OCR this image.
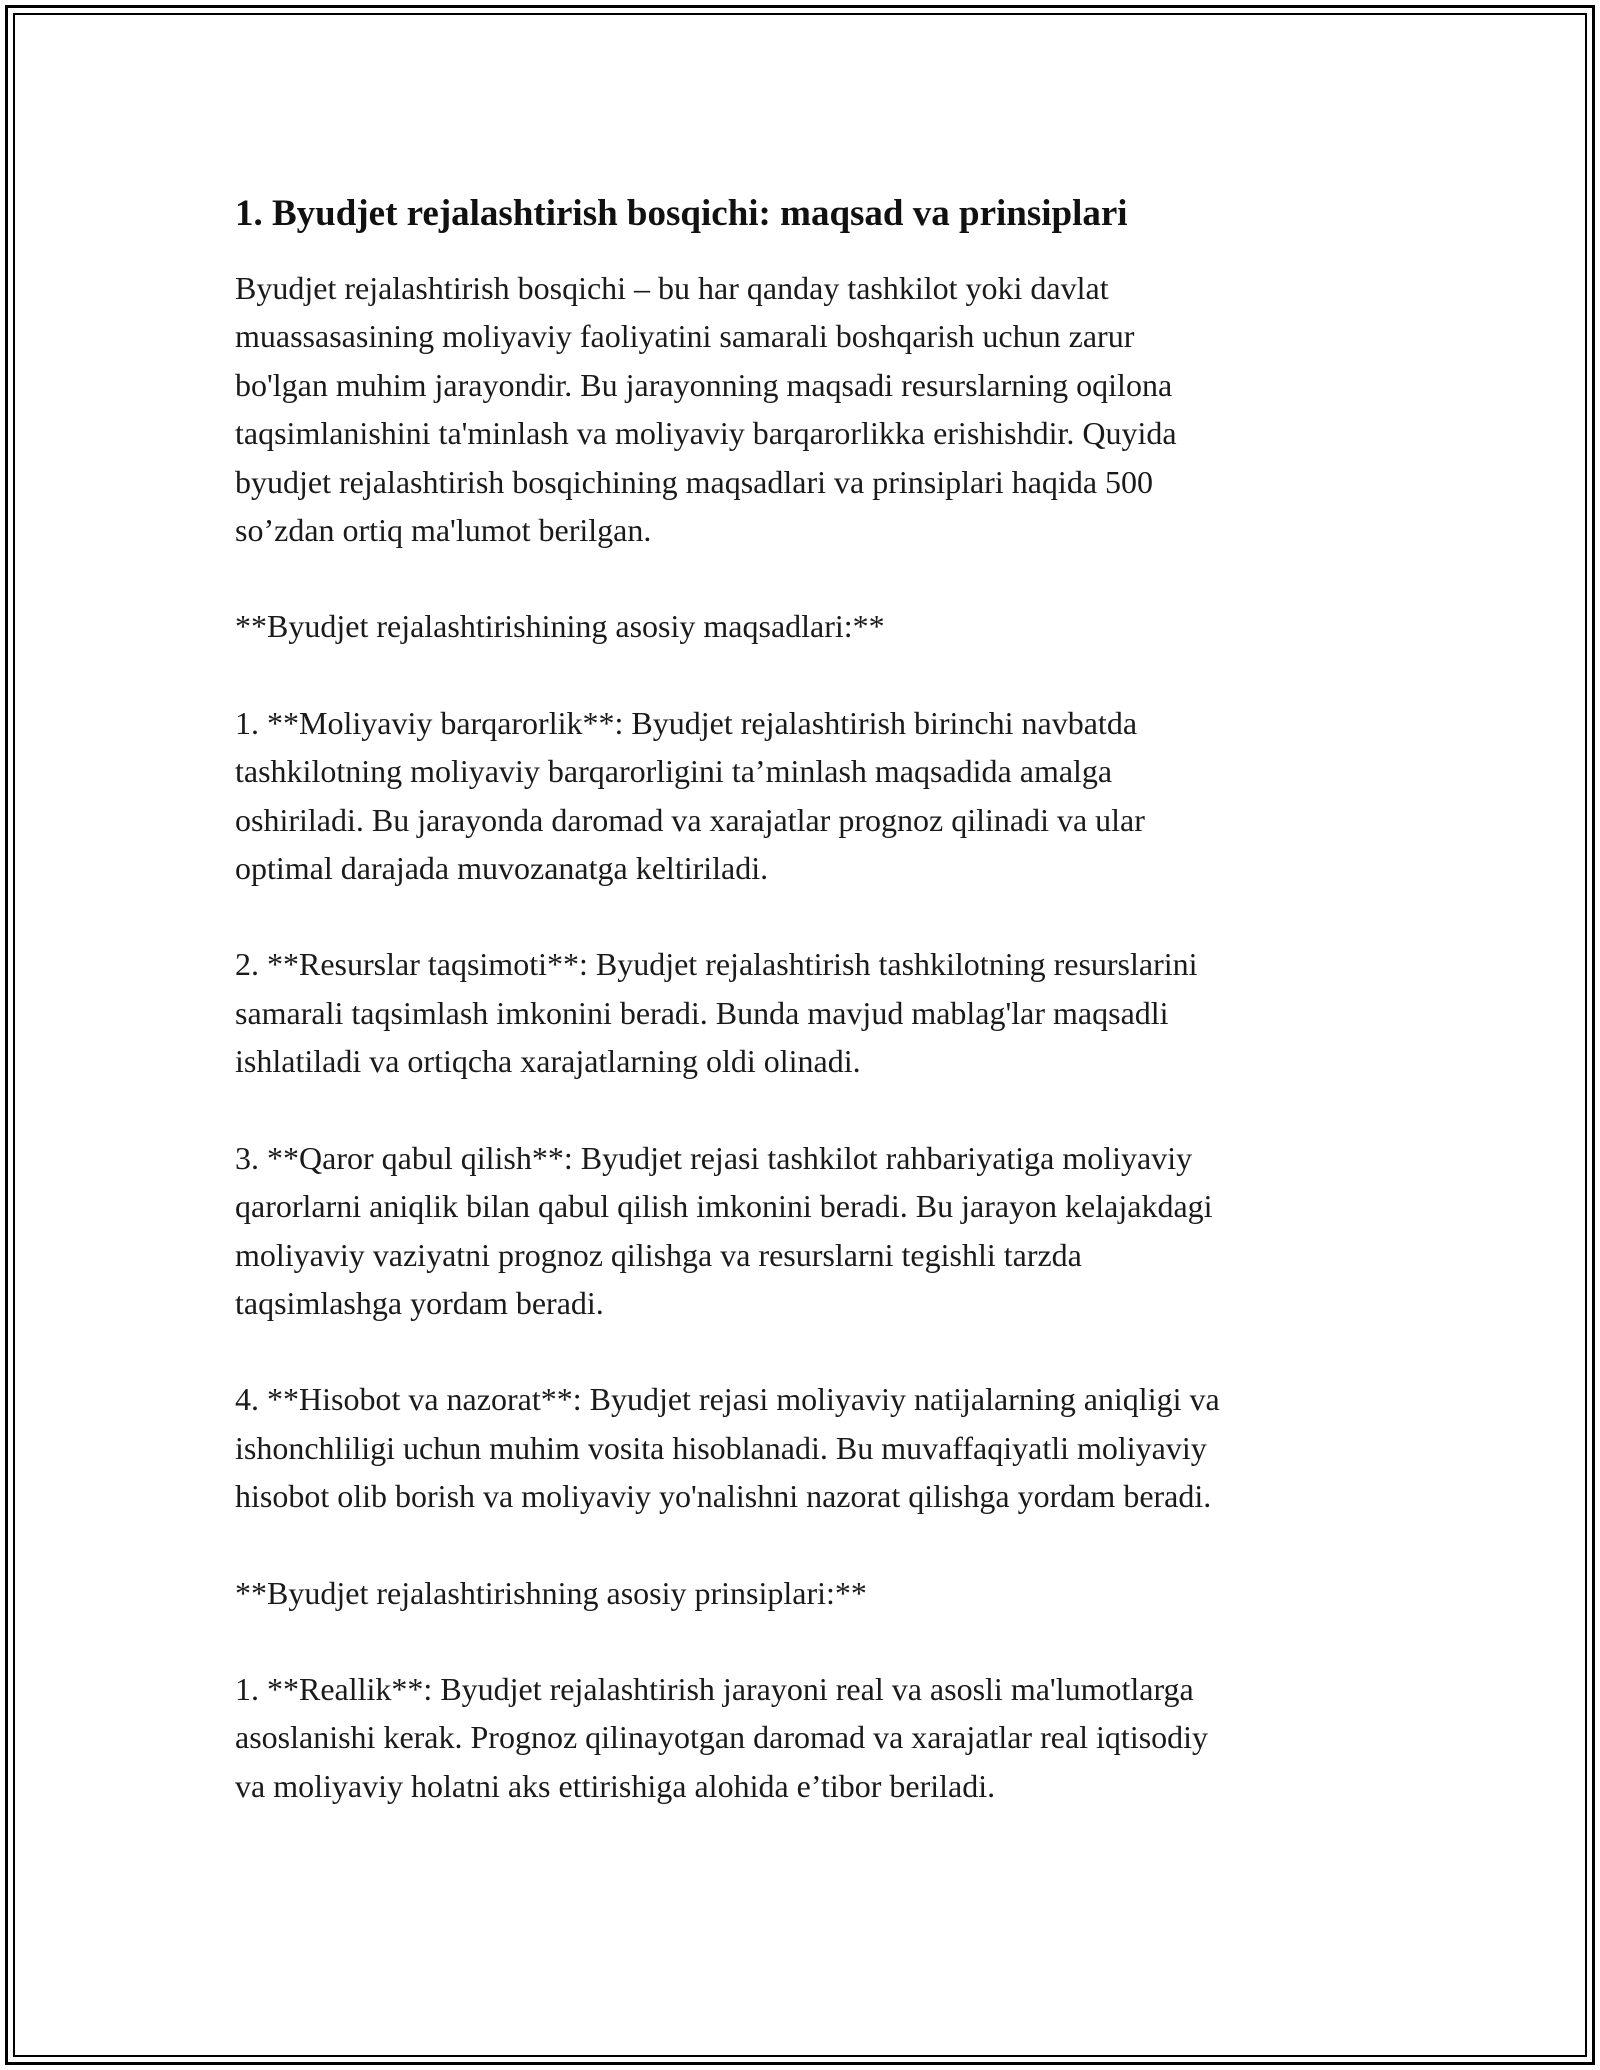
1. Byudjet rejalashtirish bosqichi: maqsad va prinsiplari

Byudjet rejalashtirish bosqichi – bu har qanday tashkilot yoki davlat
muassasasining moliyaviy faoliyatini samarali boshqarish uchun zarur
bo'lgan muhim jarayondir. Bu jarayonning maqsadi resurslarning oqilona
taqsimlanishini ta'minlash va moliyaviy barqarorlikka erishishdir. Quyida
byudjet rejalashtirish bosqichining maqsadlari va prinsiplari haqida 500
so’zdan ortiq ma'lumot berilgan.

**Byudjet rejalashtirishining asosiy maqsadlari:**

1. **Moliyaviy barqarorlik**: Byudjet rejalashtirish birinchi navbatda
tashkilotning moliyaviy barqarorligini ta’minlash maqsadida amalga
oshiriladi. Bu jarayonda daromad va xarajatlar prognoz qilinadi va ular
optimal darajada muvozanatga keltiriladi.

2. **Resurslar taqsimoti**: Byudjet rejalashtirish tashkilotning resurslarini
samarali taqsimlash imkonini beradi. Bunda mavjud mablag'lar maqsadli
ishlatiladi va ortiqcha xarajatlarning oldi olinadi.

3. **Qaror qabul qilish**: Byudjet rejasi tashkilot rahbariyatiga moliyaviy
qarorlarni aniqlik bilan qabul qilish imkonini beradi. Bu jarayon kelajakdagi
moliyaviy vaziyatni prognoz qilishga va resurslarni tegishli tarzda
taqsimlashga yordam beradi.

4. **Hisobot va nazorat**: Byudjet rejasi moliyaviy natijalarning aniqligi va
ishonchliligi uchun muhim vosita hisoblanadi. Bu muvaffaqiyatli moliyaviy
hisobot olib borish va moliyaviy yo'nalishni nazorat qilishga yordam beradi.

**Byudjet rejalashtirishning asosiy prinsiplari:**

1. **Reallik**: Byudjet rejalashtirish jarayoni real va asosli ma'lumotlarga
asoslanishi kerak. Prognoz qilinayotgan daromad va xarajatlar real iqtisodiy
va moliyaviy holatni aks ettirishiga alohida e’tibor beriladi.
